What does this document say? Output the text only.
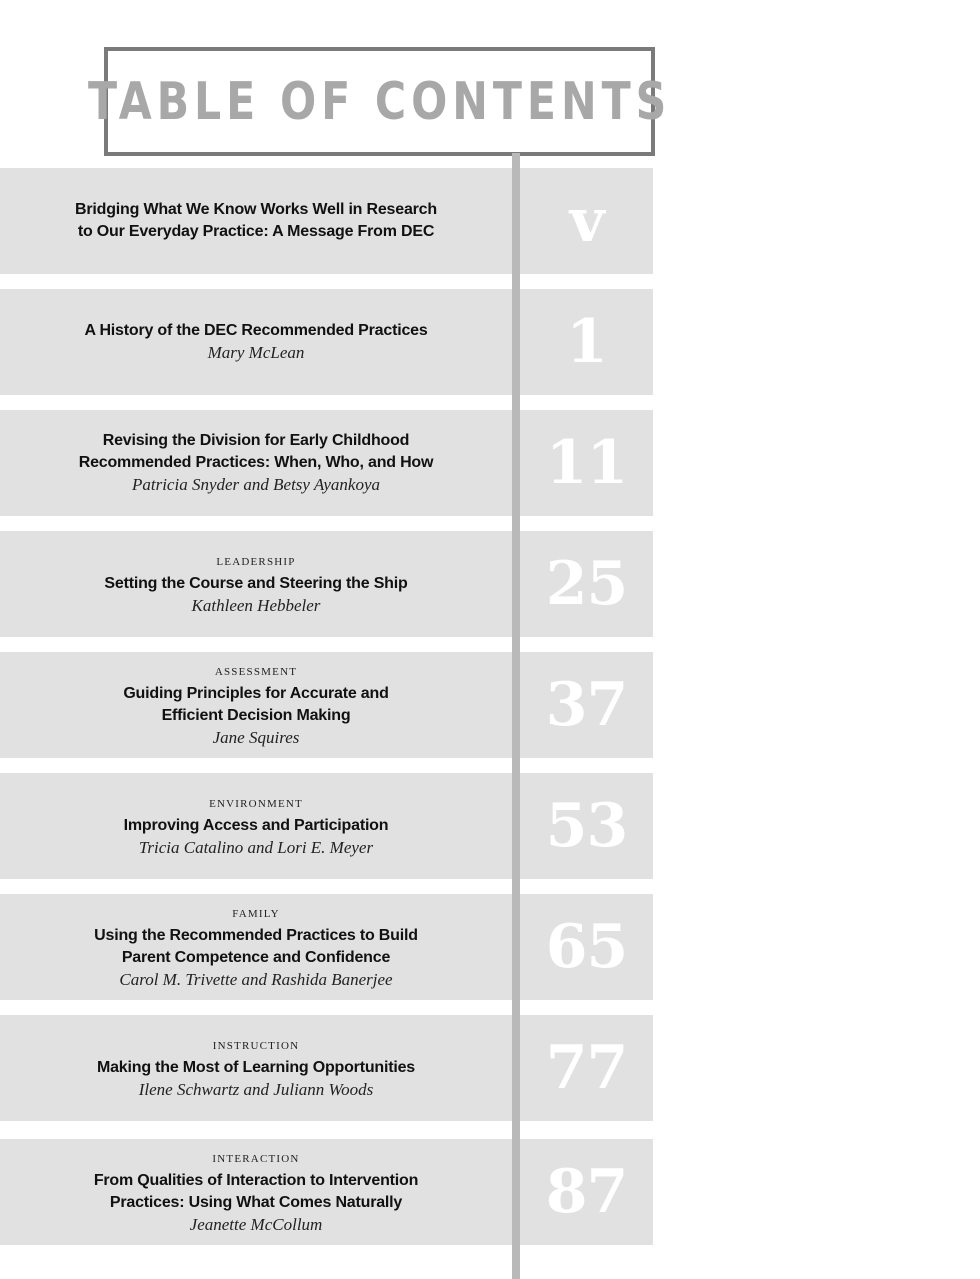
TABLE OF CONTENTS
Bridging What We Know Works Well in Research
to Our Everyday Practice: A Message From DEC v
A History of the DEC Recommended Practices
Mary McLean	1
Revising the Division for Early Childhood
Recommended Practices: When, Who, and How
Patricia Snyder and Betsy Ayankoya	11
leadership
Setting the Course and Steering the Ship
Kathleen Hebbeler	25
assessment
Guiding Principles for Accurate and
Efficient Decision Making
Jane Squires	37
environment
Improving Access and Participation
Tricia Catalino and Lori E. Meyer	53
family
Using the Recommended Practices to Build
Parent Competence and Confidence
Carol M. Trivette and Rashida Banerjee	65
instruction
Making the Most of Learning Opportunities
Ilene Schwartz and Juliann Woods	77
interaction
From Qualities of Interaction to Intervention
Practices: Using What Comes Naturally
Jeanette McCollum	87
